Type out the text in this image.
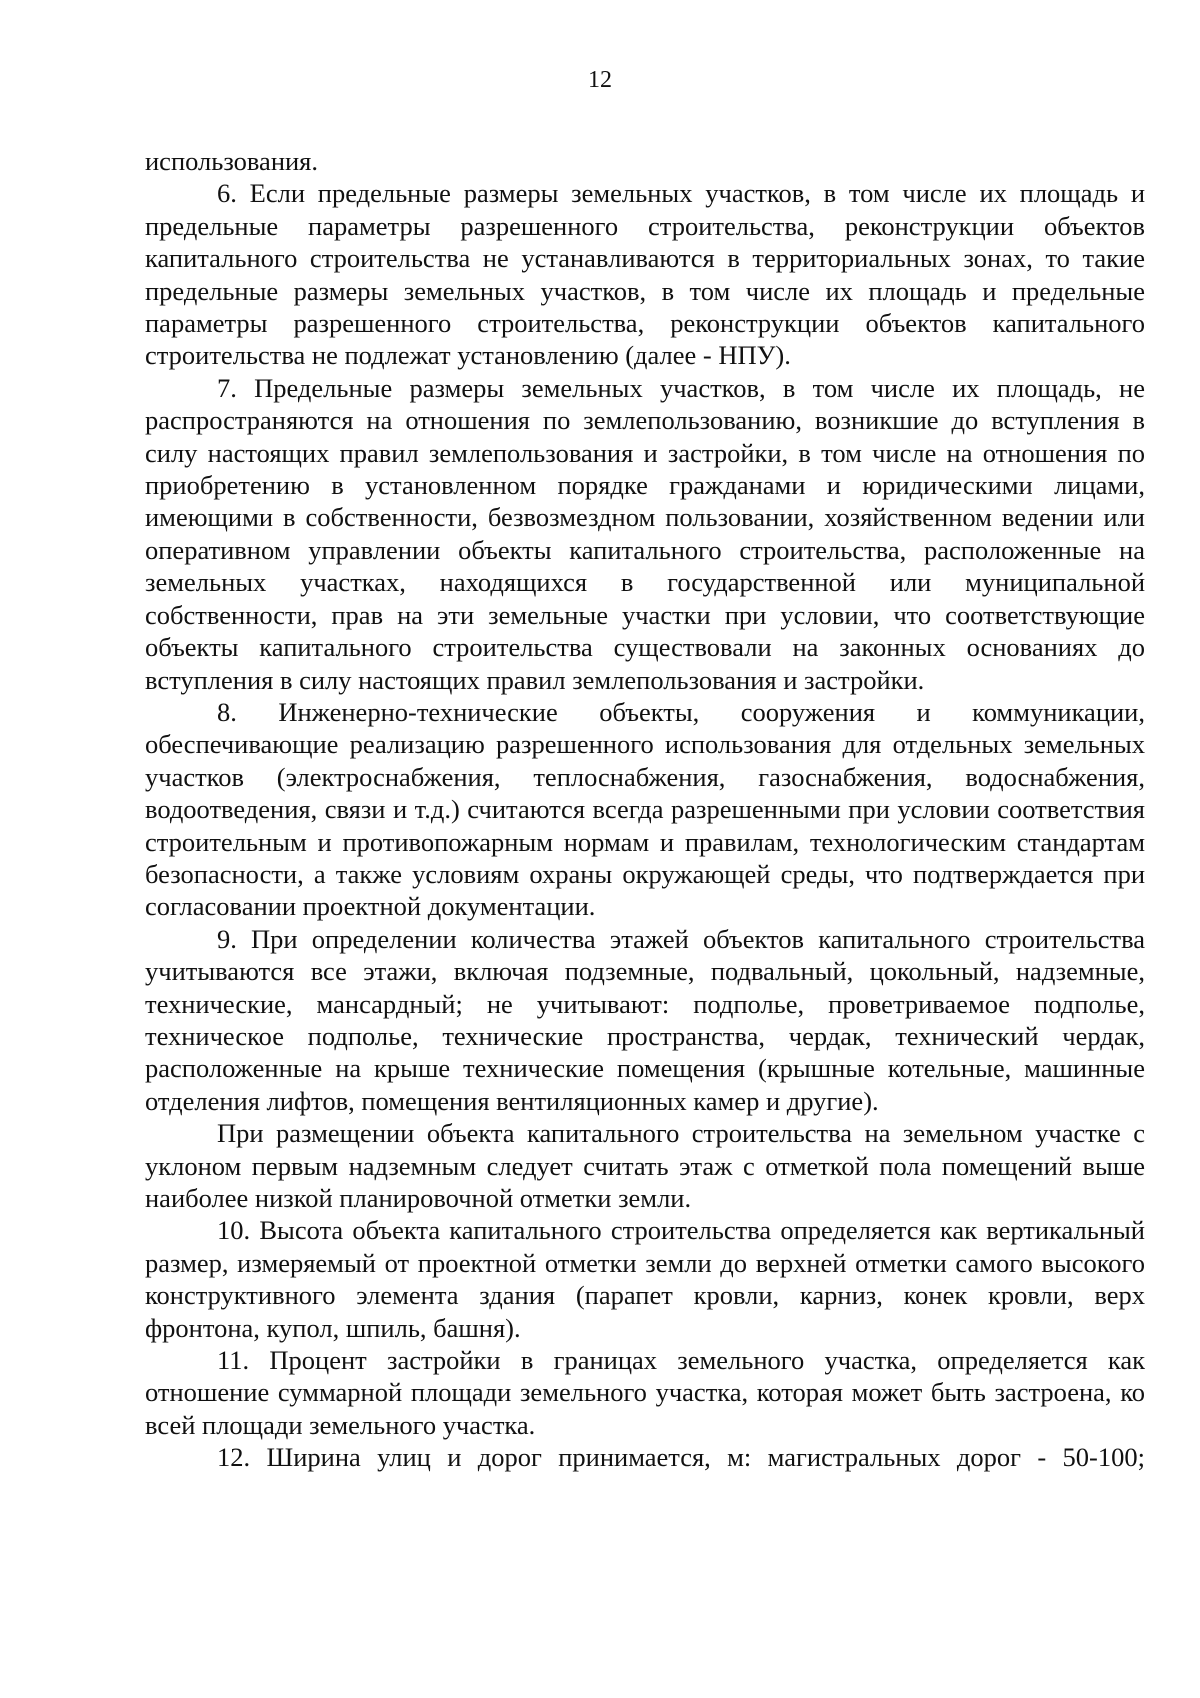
12

использования.

6. Если предельные размеры земельных участков, в том числе их площадь и предельные параметры разрешенного строительства, реконструкции объектов капитального строительства не устанавливаются в территориальных зонах, то такие предельные размеры земельных участков, в том числе их площадь и предельные параметры разрешенного строительства, реконструкции объектов капитального строительства не подлежат установлению (далее - НПУ).

7. Предельные размеры земельных участков, в том числе их площадь, не распространяются на отношения по землепользованию, возникшие до вступления в силу настоящих правил землепользования и застройки, в том числе на отношения по приобретению в установленном порядке гражданами и юридическими лицами, имеющими в собственности, безвозмездном пользовании, хозяйственном ведении или оперативном управлении объекты капитального строительства, расположенные на земельных участках, находящихся в государственной или муниципальной собственности, прав на эти земельные участки при условии, что соответствующие объекты капитального строительства существовали на законных основаниях до вступления в силу настоящих правил землепользования и застройки.

8. Инженерно-технические объекты, сооружения и коммуникации, обеспечивающие реализацию разрешенного использования для отдельных земельных участков (электроснабжения, теплоснабжения, газоснабжения, водоснабжения, водоотведения, связи и т.д.) считаются всегда разрешенными при условии соответствия строительным и противопожарным нормам и правилам, технологическим стандартам безопасности, а также условиям охраны окружающей среды, что подтверждается при согласовании проектной документации.

9. При определении количества этажей объектов капитального строительства учитываются все этажи, включая подземные, подвальный, цокольный, надземные, технические, мансардный; не учитывают: подполье, проветриваемое подполье, техническое подполье, технические пространства, чердак, технический чердак, расположенные на крыше технические помещения (крышные котельные, машинные отделения лифтов, помещения вентиляционных камер и другие).

При размещении объекта капитального строительства на земельном участке с уклоном первым надземным следует считать этаж с отметкой пола помещений выше наиболее низкой планировочной отметки земли.

10. Высота объекта капитального строительства определяется как вертикальный размер, измеряемый от проектной отметки земли до верхней отметки самого высокого конструктивного элемента здания (парапет кровли, карниз, конек кровли, верх фронтона, купол, шпиль, башня).

11. Процент застройки в границах земельного участка, определяется как отношение суммарной площади земельного участка, которая может быть застроена, ко всей площади земельного участка.

12. Ширина улиц и дорог принимается, м: магистральных дорог - 50-100;
